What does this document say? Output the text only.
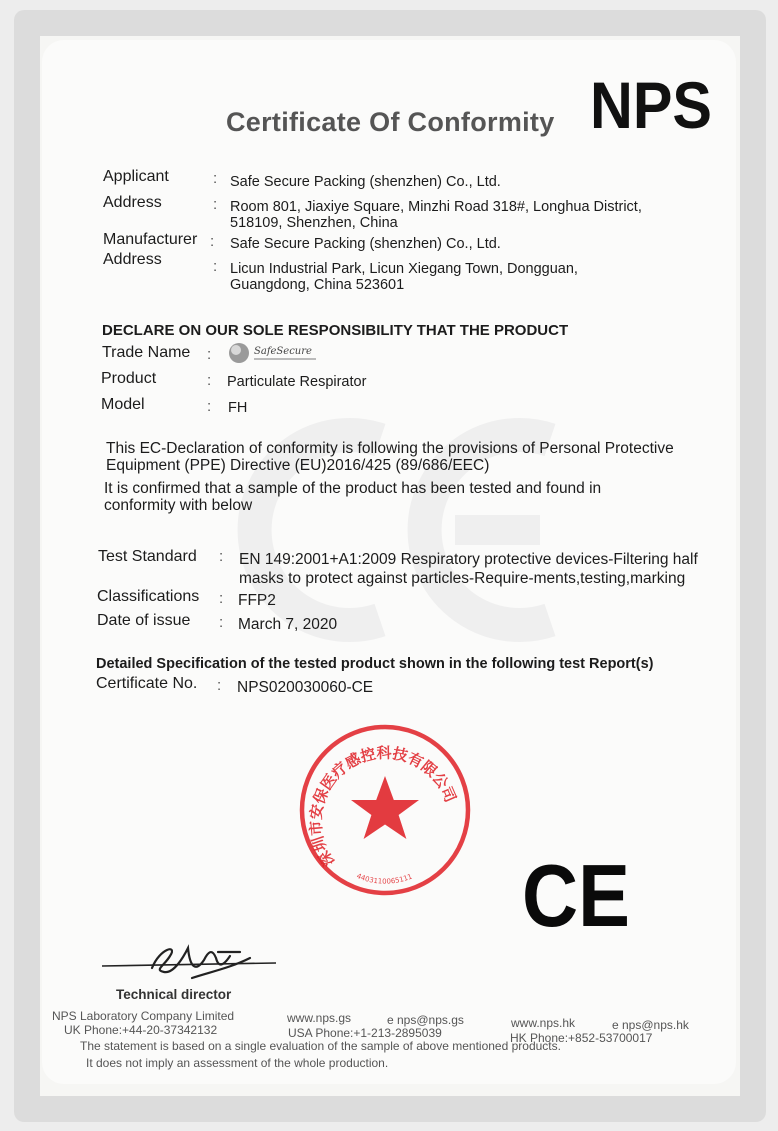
Certificate Of Conformity NPS
Applicant	: Safe Secure Packing (shenzhen) Co., Ltd.
Address	: Room 801, Jiaxiye Square, Minzhi Road 318#, Longhua District,
518109, Shenzhen, China
Manufacturer : Safe Secure Packing (shenzhen) Co., Ltd.
Address	: Licun Industrial Park, Licun Xiegang Town, Dongguan,
Guangdong, China 523601
DECLARE ON OUR SOLE RESPONSIBILITY THAT THE PRODUCT
Trade Name :	SafeSecure
Product	: Particulate Respirator
Model	: FH
This EC-Declaration of conformity is following the provisions of Personal Protective
Equipment (PPE) Directive (EU)2016/425 (89/686/EEC)
It is confirmed that a sample of the product has been tested and found in
conformity with below
Test Standard : EN 149:2001+A1:2009 Respiratory protective devices-Filtering half
masks to protect against particles-Require-ments,testing,marking
Classifications : FFP2
Date of issue : March 7, 2020
Detailed Specification of the tested product shown in the following test Report(s)
Certificate No. : NPS020030060-CE
深圳市安保医疗感控科技有限公司
4403110065111 CE
Technical director
NPS Laboratory Company Limited	www.nps.gs	e nps@nps.gs	www.nps.hk	e nps@nps.hk
UK Phone:+44-20-37342132	USA Phone:+1-213-2895039	HK Phone:+852-53700017
The statement is based on a single evaluation of the sample of above mentioned products.
It does not imply an assessment of the whole production.
